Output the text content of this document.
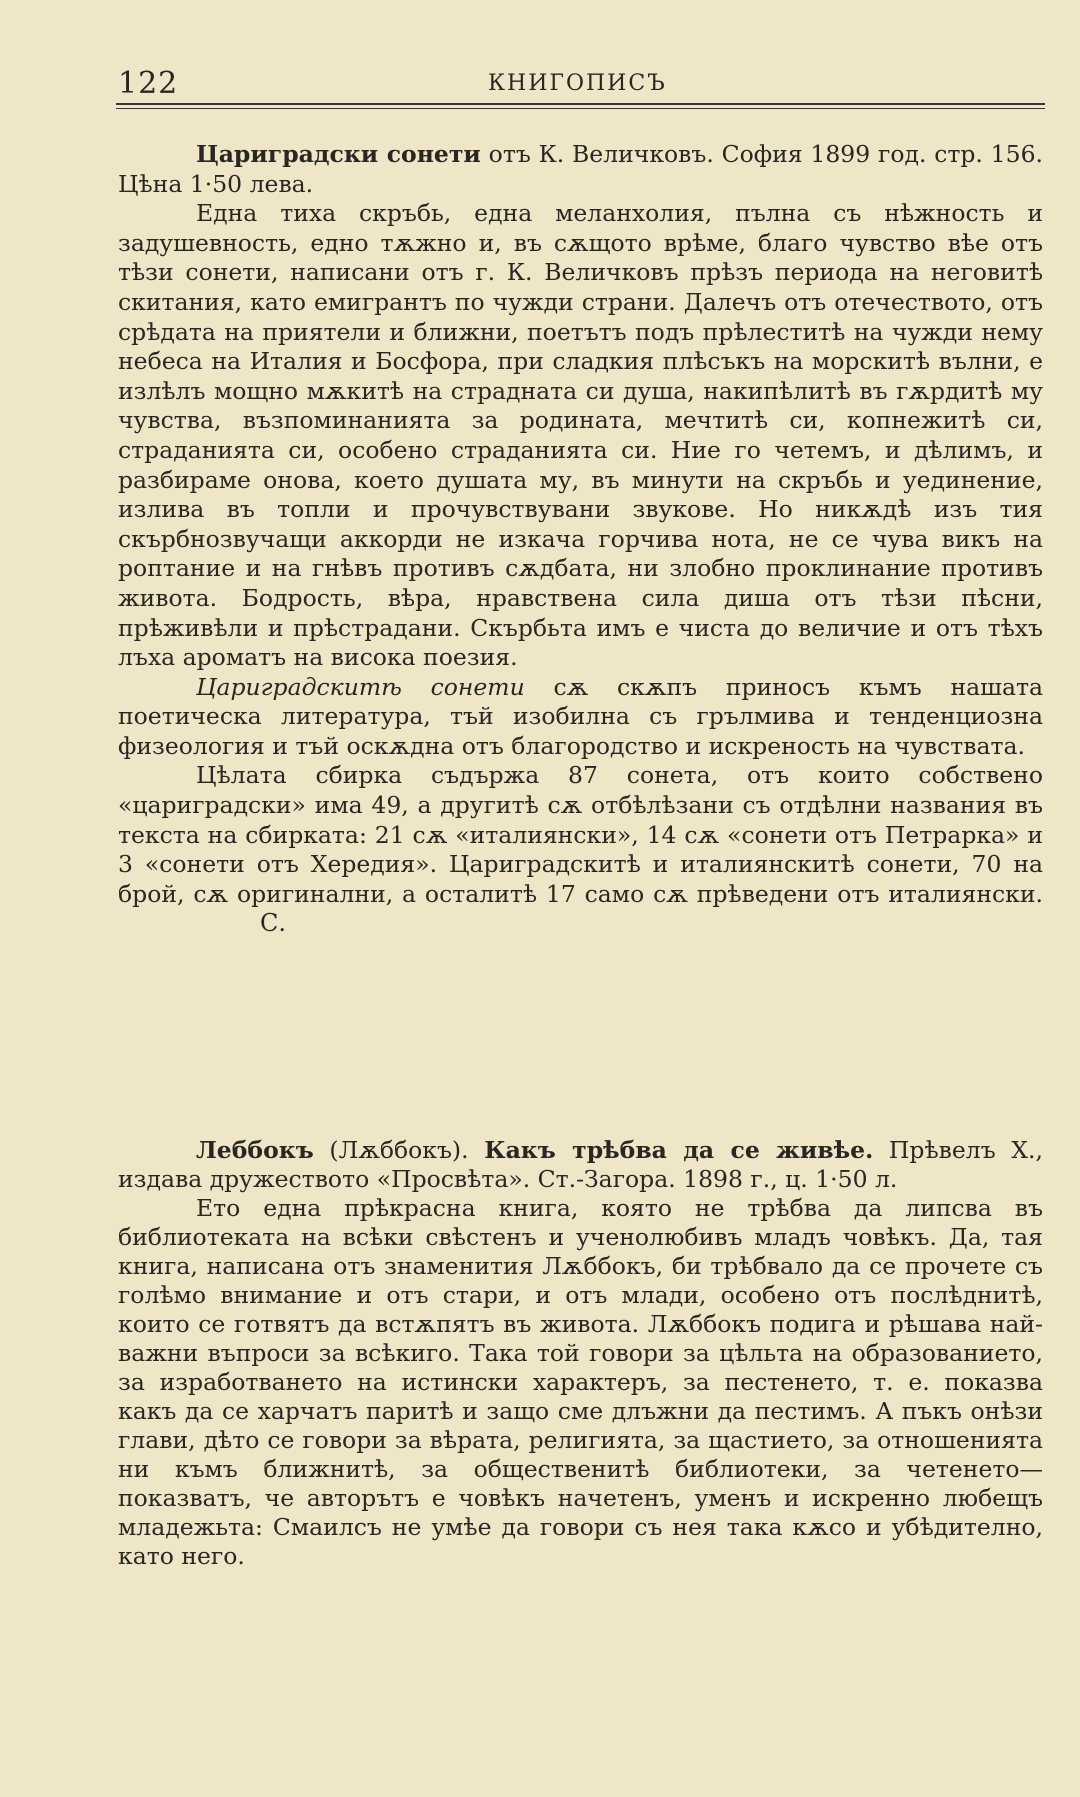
122	КНИГОПИСЪ

Цариградски сонети отъ К. Величковъ. София 1899 год. стр. 156. Цѣна 1·50 лева.

Една тиха скръбь, една меланхолия, пълна съ нѣжность и задушевность, едно тѫжно и, въ сѫщото врѣме, благо чувство вѣе отъ тѣзи сонети, написани отъ г. К. Величковъ прѣзъ периода на неговитѣ скитания, като емигрантъ по чужди страни. Далечъ отъ отечеството, отъ срѣдата на приятели и ближни, поетътъ подъ прѣлеститѣ на чужди нему небеса на Италия и Босфора, при сладкия плѣсъкъ на морскитѣ вълни, е излѣлъ мощно мѫкитѣ на страдната си душа, накипѣлитѣ въ гѫрдитѣ му чувства, възпоминанията за родината, мечтитѣ си, копнежитѣ си, страданията си, особено страданията си. Ние го четемъ, и дѣлимъ, и разбираме онова, което душата му, въ минути на скръбь и уединение, излива въ топли и прочувствувани звукове. Но никѫдѣ изъ тия скърбнозвучащи аккорди не изкача горчива нота, не се чува викъ на роптание и на гнѣвъ противъ сѫдбата, ни злобно проклинание противъ живота. Бодрость, вѣра, нравствена сила диша отъ тѣзи пѣсни, прѣживѣли и прѣстрадани. Скърбьта имъ е чиста до величие и отъ тѣхъ лъха ароматъ на висока поезия.

Цариградскитѣ сонети сѫ скѫпъ приносъ къмъ нашата поетическа литература, тъй изобилна съ грълмива и тенденциозна физеология и тъй оскѫдна отъ благородство и искреность на чувствата.

Цѣлата сбирка съдържа 87 сонета, отъ които собствено «цариградски» има 49, а другитѣ сѫ отбѣлѣзани съ отдѣлни названия въ текста на сбирката: 21 сѫ «италиянски», 14 сѫ «сонети отъ Петрарка» и 3 «сонети отъ Хередия». Цариградскитѣ и италиянскитѣ сонети, 70 на брой, сѫ оригинални, а осталитѣ 17 само сѫ прѣведени отъ италиянски.С.

Леббокъ (Лѫббокъ). Какъ трѣбва да се живѣе. Прѣвелъ Х., издава дружеството «Просвѣта». Ст.-Загора. 1898 г., ц. 1·50 л.

Ето една прѣкрасна книга, която не трѣбва да липсва въ библиотеката на всѣки свѣстенъ и ученолюбивъ младъ човѣкъ. Да, тая книга, написана отъ знаменития Лѫббокъ, би трѣбвало да се прочете съ голѣмо внимание и отъ стари, и отъ млади, особено отъ послѣднитѣ, които се готвятъ да встѫпятъ въ живота. Лѫббокъ подига и рѣшава най-важни въпроси за всѣкиго. Така той говори за цѣльта на образованието, за изработването на истински характеръ, за пестенето, т. е. показва какъ да се харчатъ паритѣ и защо сме длъжни да пестимъ. А пъкъ онѣзи глави, дѣто се говори за вѣрата, религията, за щастието, за отношенията ни къмъ ближнитѣ, за общественитѣ библиотеки, за четенето—показватъ, че авторътъ е човѣкъ начетенъ, уменъ и искренно любещъ младежьта: Смаилсъ не умѣе да говори съ нея така кѫсо и убѣдително, като него.
